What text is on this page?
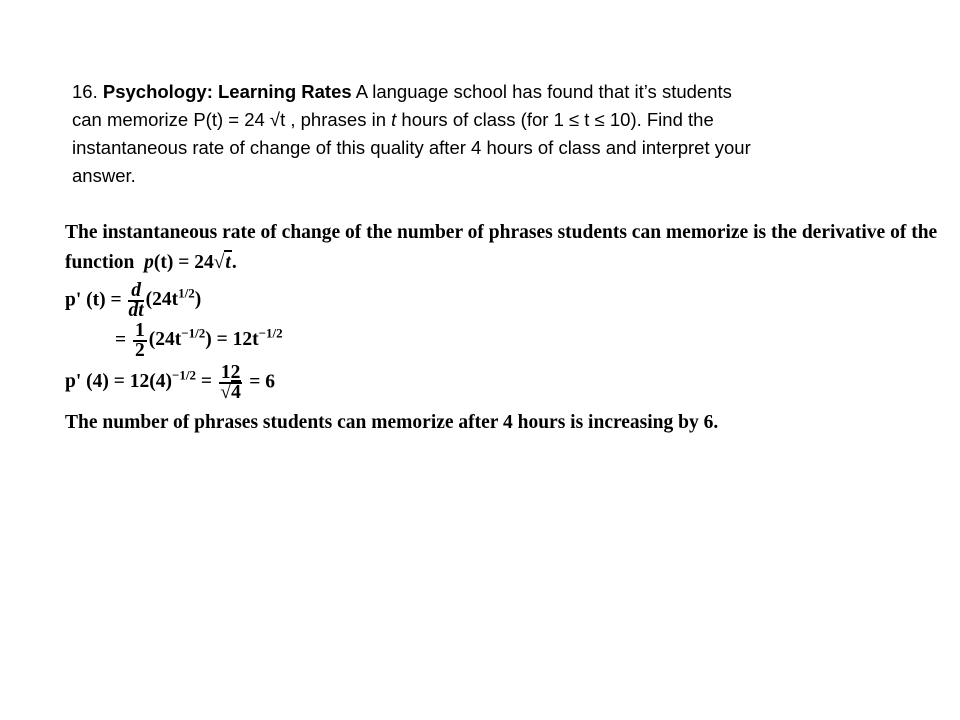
16. Psychology: Learning Rates A language school has found that it’s students
can memorize P(t) = 24 √t , phrases in t hours of class (for 1 ≤ t ≤ 10). Find the
instantaneous rate of change of this quality after 4 hours of class and interpret your
answer.
The instantaneous rate of change of the number of phrases students can memorize is the derivative of the
function p(t) = 24√t.
p' $(t) = \frac{d}{dt} (24t^{1/2})$
= $\frac{1}{2} (24t^{-1/2}) = 12t^{-1/2}$
p' $(4) = 12(4)^{-1/2} = \frac{12}{√4} = 6$
The number of phrases students can memorize after 4 hours is increasing by 6.
